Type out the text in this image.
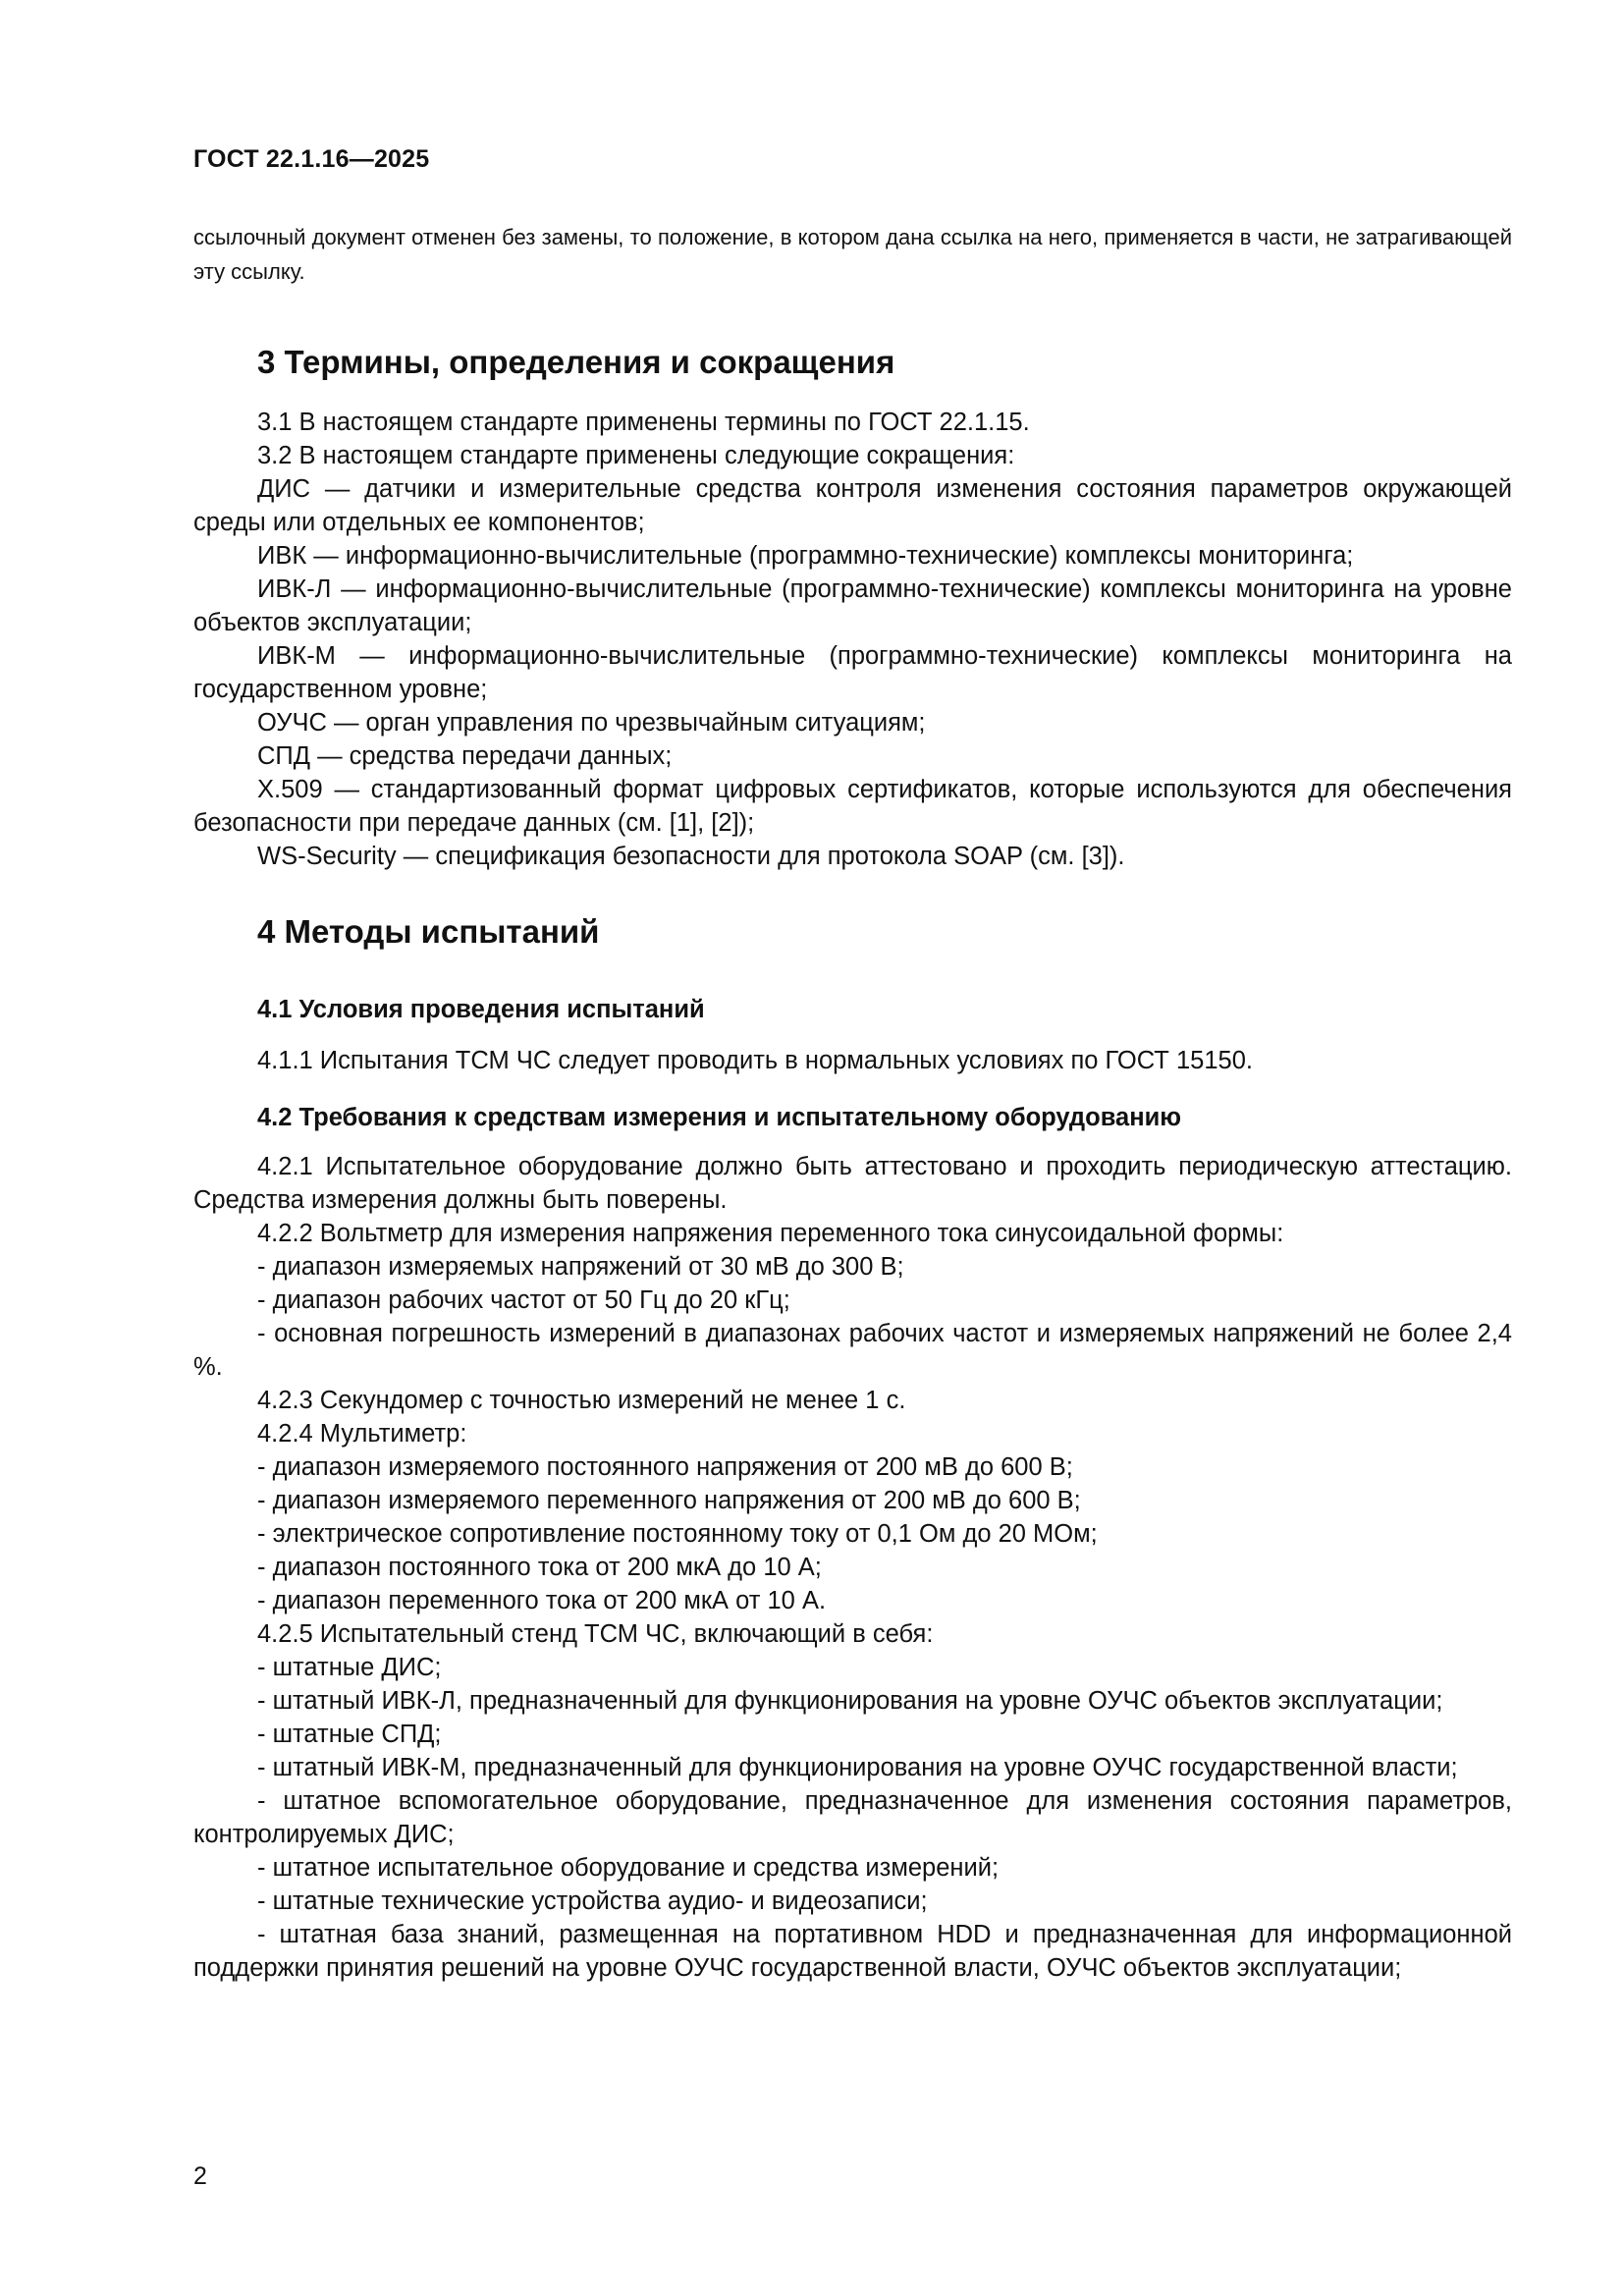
ГОСТ 22.1.16—2025

ссылочный документ отменен без замены, то положение, в котором дана ссылка на него, применяется в части, не затрагивающей эту ссылку.

3 Термины, определения и сокращения

3.1 В настоящем стандарте применены термины по ГОСТ 22.1.15.

3.2 В настоящем стандарте применены следующие сокращения:

ДИС — датчики и измерительные средства контроля изменения состояния параметров окружающей среды или отдельных ее компонентов;

ИВК — информационно-вычислительные (программно-технические) комплексы мониторинга;

ИВК-Л — информационно-вычислительные (программно-технические) комплексы мониторинга на уровне объектов эксплуатации;

ИВК-М — информационно-вычислительные (программно-технические) комплексы мониторинга на государственном уровне;

ОУЧС — орган управления по чрезвычайным ситуациям;

СПД — средства передачи данных;

X.509 — стандартизованный формат цифровых сертификатов, которые используются для обеспечения безопасности при передаче данных (см. [1], [2]);

WS-Security — спецификация безопасности для протокола SOAP (см. [3]).

4 Методы испытаний
4.1 Условия проведения испытаний

4.1.1 Испытания ТСМ ЧС следует проводить в нормальных условиях по ГОСТ 15150.

4.2 Требования к средствам измерения и испытательному оборудованию

4.2.1 Испытательное оборудование должно быть аттестовано и проходить периодическую аттестацию. Средства измерения должны быть поверены.

4.2.2 Вольтметр для измерения напряжения переменного тока синусоидальной формы:

- диапазон измеряемых напряжений от 30 мВ до 300 В;

- диапазон рабочих частот от 50 Гц до 20 кГц;

- основная погрешность измерений в диапазонах рабочих частот и измеряемых напряжений не более 2,4 %.

4.2.3 Секундомер с точностью измерений не менее 1 с.

4.2.4 Мультиметр:

- диапазон измеряемого постоянного напряжения от 200 мВ до 600 В;

- диапазон измеряемого переменного напряжения от 200 мВ до 600 В;

- электрическое сопротивление постоянному току от 0,1 Ом до 20 МОм;

- диапазон постоянного тока от 200 мкА до 10 А;

- диапазон переменного тока от 200 мкА от 10 А.

4.2.5 Испытательный стенд ТСМ ЧС, включающий в себя:

- штатные ДИС;

- штатный ИВК-Л, предназначенный для функционирования на уровне ОУЧС объектов эксплуатации;

- штатные СПД;

- штатный ИВК-М, предназначенный для функционирования на уровне ОУЧС государственной власти;

- штатное вспомогательное оборудование, предназначенное для изменения состояния параметров, контролируемых ДИС;

- штатное испытательное оборудование и средства измерений;

- штатные технические устройства аудио- и видеозаписи;

- штатная база знаний, размещенная на портативном HDD и предназначенная для информационной поддержки принятия решений на уровне ОУЧС государственной власти, ОУЧС объектов эксплуатации;

2
